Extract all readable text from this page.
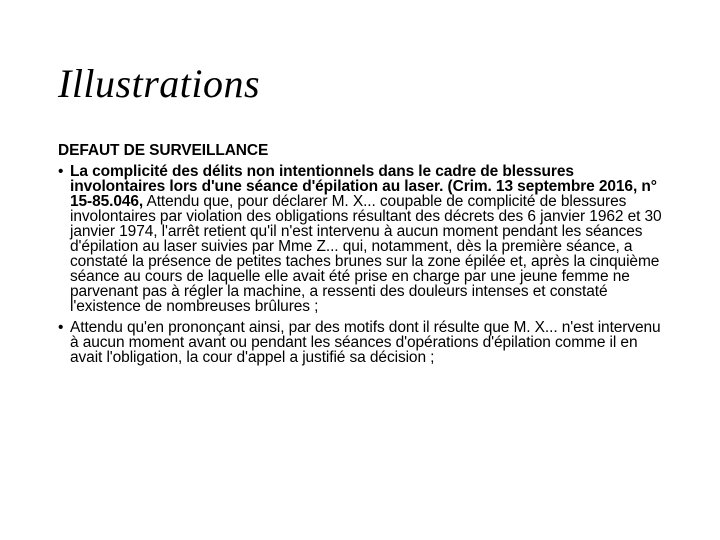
Illustrations
DEFAUT DE SURVEILLANCE
• La complicité des délits non intentionnels dans le cadre de blessures involontaires lors d'une séance d'épilation au laser. (Crim. 13 septembre 2016, n° 15-85.046, Attendu que, pour déclarer M. X... coupable de complicité de blessures involontaires par violation des obligations résultant des décrets des 6 janvier 1962 et 30 janvier 1974, l'arrêt retient qu'il n'est intervenu à aucun moment pendant les séances d'épilation au laser suivies par Mme Z... qui, notamment, dès la première séance, a constaté la présence de petites taches brunes sur la zone épilée et, après la cinquième séance au cours de laquelle elle avait été prise en charge par une jeune femme ne parvenant pas à régler la machine, a ressenti des douleurs intenses et constaté l'existence de nombreuses brûlures ;
• Attendu qu'en prononçant ainsi, par des motifs dont il résulte que M. X... n'est intervenu à aucun moment avant ou pendant les séances d'opérations d'épilation comme il en avait l'obligation, la cour d'appel a justifié sa décision ;
